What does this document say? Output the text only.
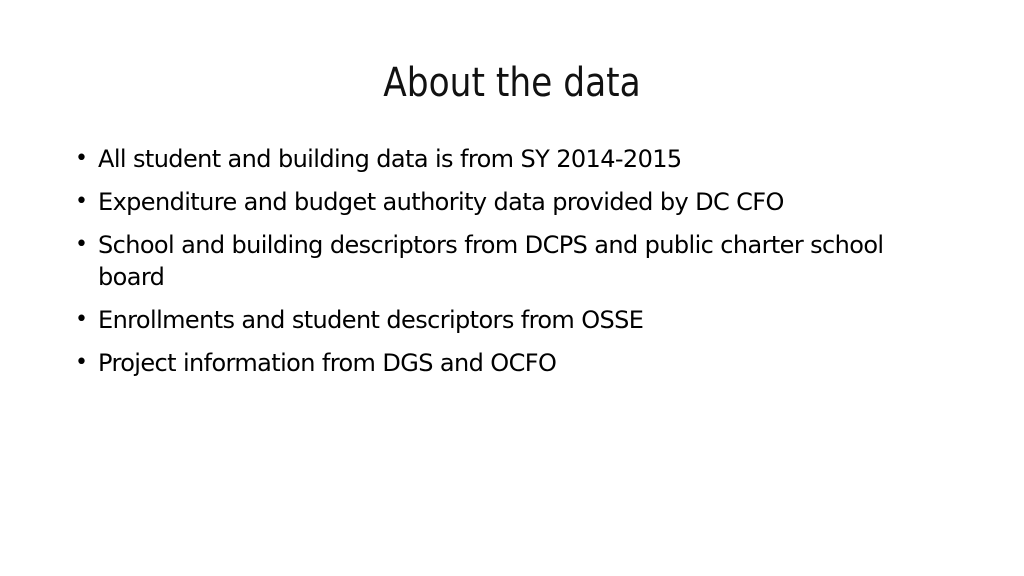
About the data
• All student and building data is from SY 2014-2015
• Expenditure and budget authority data provided by DC CFO
• School and building descriptors from DCPS and public charter school board
• Enrollments and student descriptors from OSSE
• Project information from DGS and OCFO
